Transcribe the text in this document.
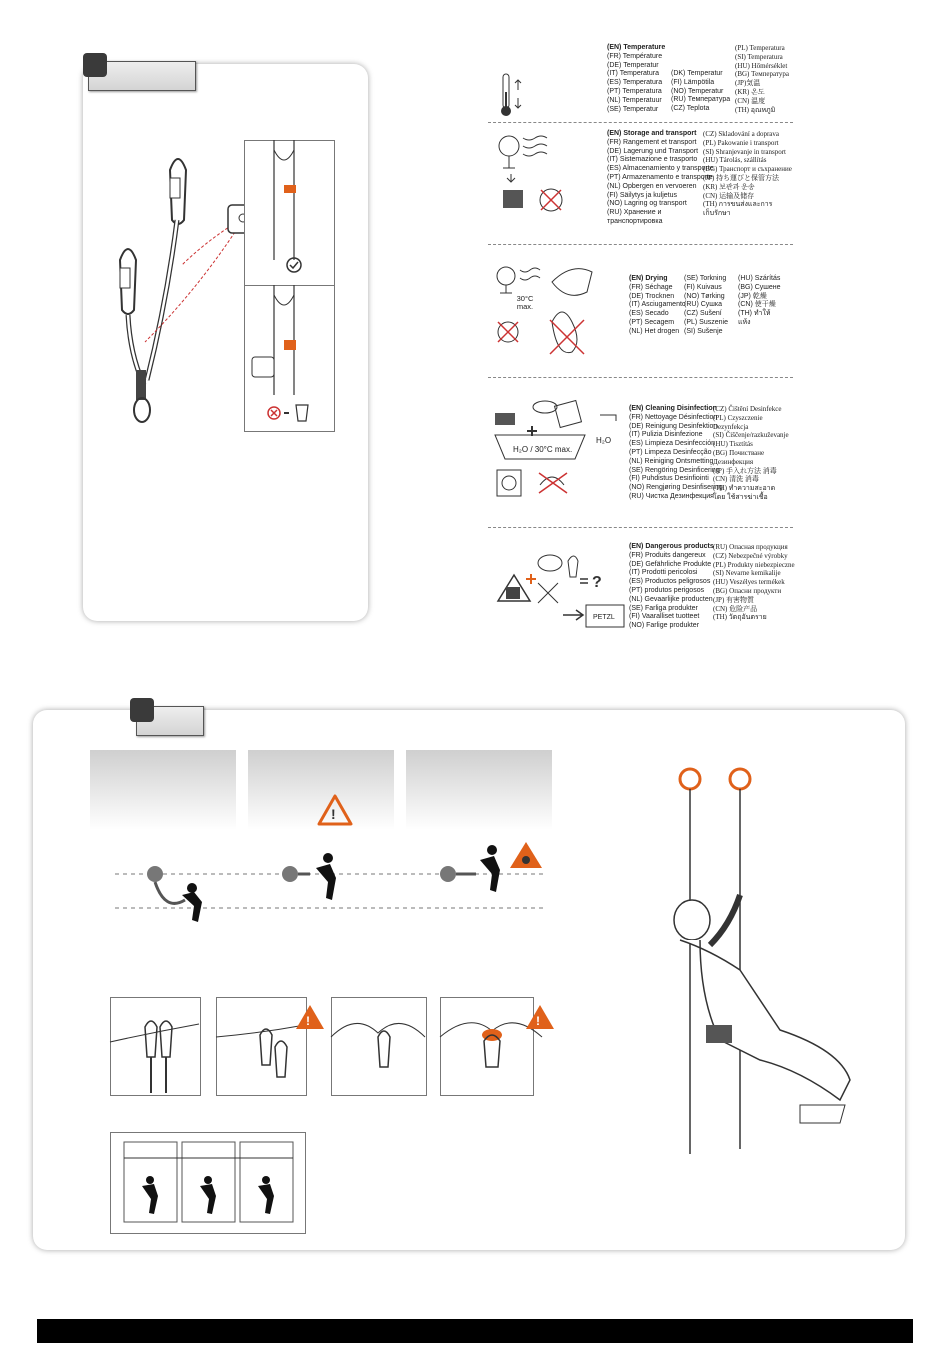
(EN) Temperature
(FR) Température
(DE) Temperatur
(IT) Temperatura
(ES) Temperatura
(PT) Temperatura
(NL) Temperatuur
(SE) Temperatur
(DK) Temperatur
(FI) Lämpötila
(NO) Temperatur
(RU) Температура
(CZ) Teplota
(PL) Temperatura
(SI) Temperatura
(HU) Hőmérséklet
(BG) Температура
(JP)気温
(KR) 온도
(CN) 温度
(TH) อุณหภูมิ
(EN) Storage and transport
(FR) Rangement et transport
(DE) Lagerung und Transport
(IT) Sistemazione e trasporto
(ES) Almacenamiento y transporte
(PT) Armazenamento e transporte
(NL) Opbergen en vervoeren
(FI) Säilytys ja kuljetus
(NO) Lagring og transport
(RU) Хранение и
транспортировка
(CZ) Skladování a doprava
(PL) Pakowanie i transport
(SI) Shranjevanje in transport
(HU) Tárolás, szállítás
(BG) Транспорт и съхранение
(JP) 持ち運びと保管方法
(KR) 보관과 운송
(CN) 运输及储存
(TH) การขนส่งและการ
เก็บรักษา
30°C max.
(EN) Drying
(FR) Séchage
(DE) Trocknen
(IT) Asciugamento
(ES) Secado
(PT) Secagem
(NL) Het drogen
(SE) Torkning
(FI) Kuivaus
(NO) Tørking
(RU) Сушка
(CZ) Sušení
(PL) Suszenie
(SI) Sušenje
(HU) Szárítás
(BG) Сушене
(JP) 乾燥
(CN) 使干燥
(TH) ทำให้
แห้ง
H₂O / 30°C max.
H₂O
(EN) Cleaning Disinfection
(FR) Nettoyage Désinfection
(DE) Reinigung Desinfektion
(IT) Pulizia Disinfezione
(ES) Limpieza Desinfección
(PT) Limpeza Desinfecção
(NL) Reiniging Ontsmetting
(SE) Rengöring Desinficering
(FI) Puhdistus Desinfiointi
(NO) Rengjøring Desinfisering
(RU) Чистка Дезинфекция
(CZ) Čištění Desinfekce
(PL) Czyszczenie
Dezynfekcja
(SI) Čiščenje/razkuževanje
(HU) Tisztítás
(BG) Почистване
Дезинфекция
(JP) 手入れ方法 消毒
(CN) 清洗 消毒
(TH) ทำความสะอาด
โดย ใช้สารฆ่าเชื้อ
?
PETZL
(EN) Dangerous products
(FR) Produits dangereux
(DE) Gefährliche Produkte
(IT) Prodotti pericolosi
(ES) Productos peligrosos
(PT) produtos perigosos
(NL) Gevaarlijke producten
(SE) Farliga produkter
(FI) Vaaralliset tuotteet
(NO) Farlige produkter
(RU) Опасная продукция
(CZ) Nebezpečné výrobky
(PL) Produkty niebezpieczne
(SI) Nevarne kemikalije
(HU) Veszélyes termékek
(BG) Опасни продукти
(JP) 有害物質
(CN) 危险产品
(TH) วัตถุอันตราย
!
!	!
